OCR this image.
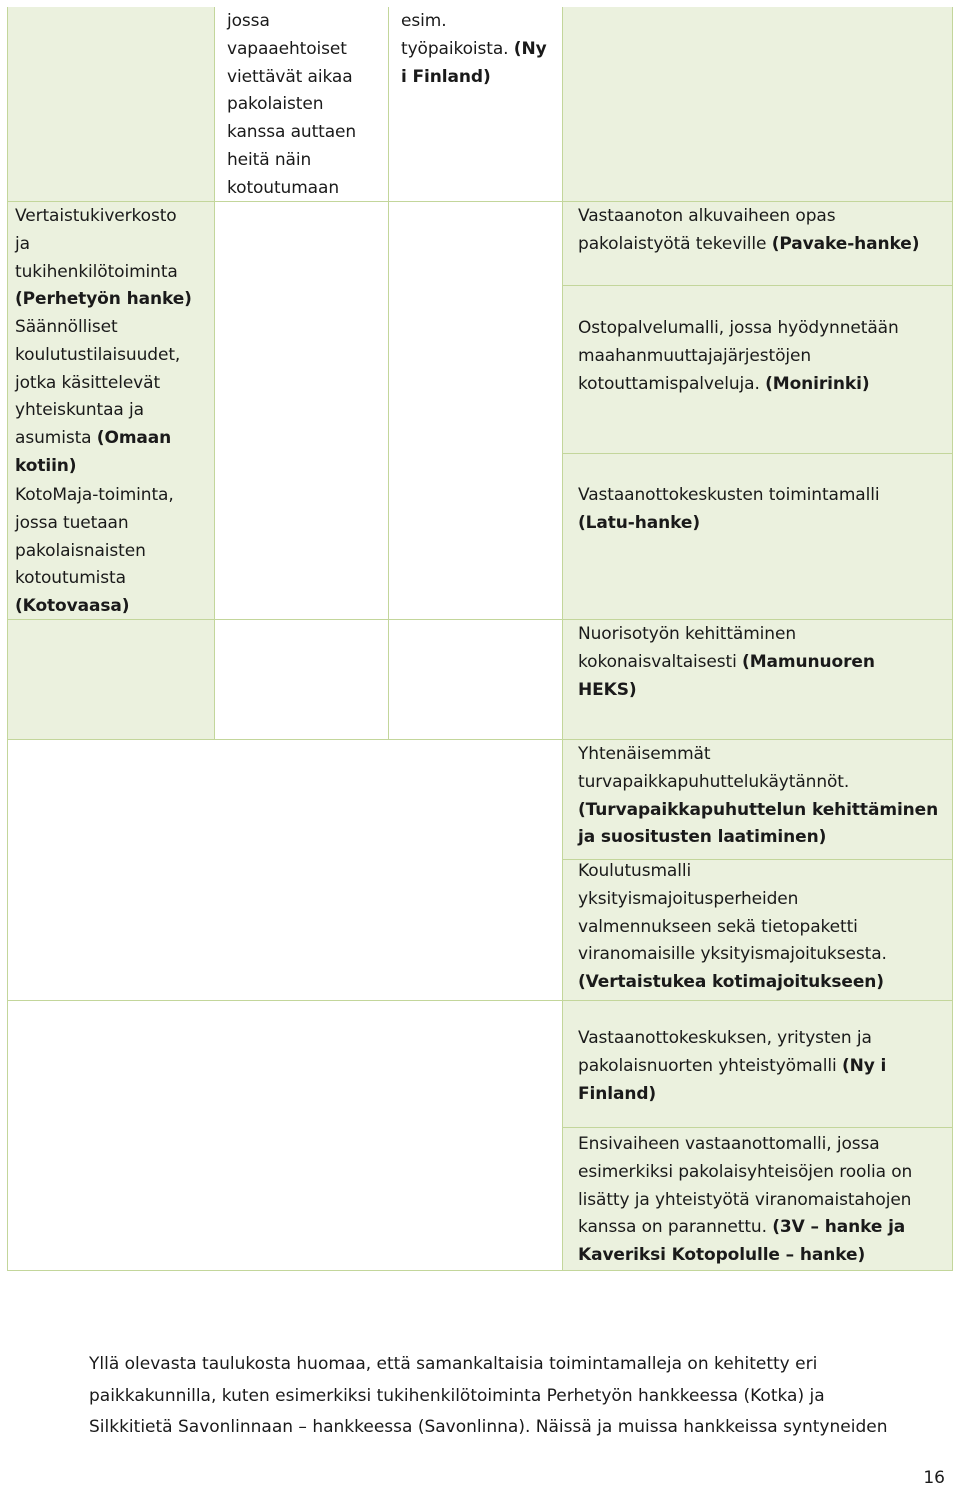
jossa
vapaaehtoiset
viettävät aikaa
pakolaisten
kanssa auttaen
heitä näin
kotoutumaan

esim.
työpaikoista. (Ny
i Finland)

Vertaistukiverkosto
ja
tukihenkilötoiminta
(Perhetyön hanke)

Säännölliset
koulutustilaisuudet,
jotka käsittelevät
yhteiskuntaa ja
asumista (Omaan
kotiin)

KotoMaja-toiminta,
jossa tuetaan
pakolaisnaisten
kotoutumista
(Kotovaasa)

Vastaanoton alkuvaiheen opas
pakolaistyötä tekeville (Pavake-hanke)

Ostopalvelumalli, jossa hyödynnetään
maahanmuuttajajärjestöjen
kotouttamispalveluja. (Monirinki)

Vastaanottokeskusten toimintamalli
(Latu-hanke)

Nuorisotyön kehittäminen
kokonaisvaltaisesti (Mamunuoren
HEKS)

Yhtenäisemmät
turvapaikkapuhuttelukäytännöt.
(Turvapaikkapuhuttelun kehittäminen
ja suositusten laatiminen)

Koulutusmalli
yksityismajoitusperheiden
valmennukseen sekä tietopaketti
viranomaisille yksityismajoituksesta.
(Vertaistukea kotimajoitukseen)

Vastaanottokeskuksen, yritysten ja
pakolaisnuorten yhteistyömalli (Ny i
Finland)

Ensivaiheen vastaanottomalli, jossa
esimerkiksi pakolaisyhteisöjen roolia on
lisätty ja yhteistyötä viranomaistahojen
kanssa on parannettu. (3V – hanke ja
Kaveriksi Kotopolulle – hanke)

Yllä olevasta taulukosta huomaa, että samankaltaisia toimintamalleja on kehitetty eri
paikkakunnilla, kuten esimerkiksi tukihenkilötoiminta Perhetyön hankkeessa (Kotka) ja
Silkkitietä Savonlinnaan – hankkeessa (Savonlinna). Näissä ja muissa hankkeissa syntyneiden

16
